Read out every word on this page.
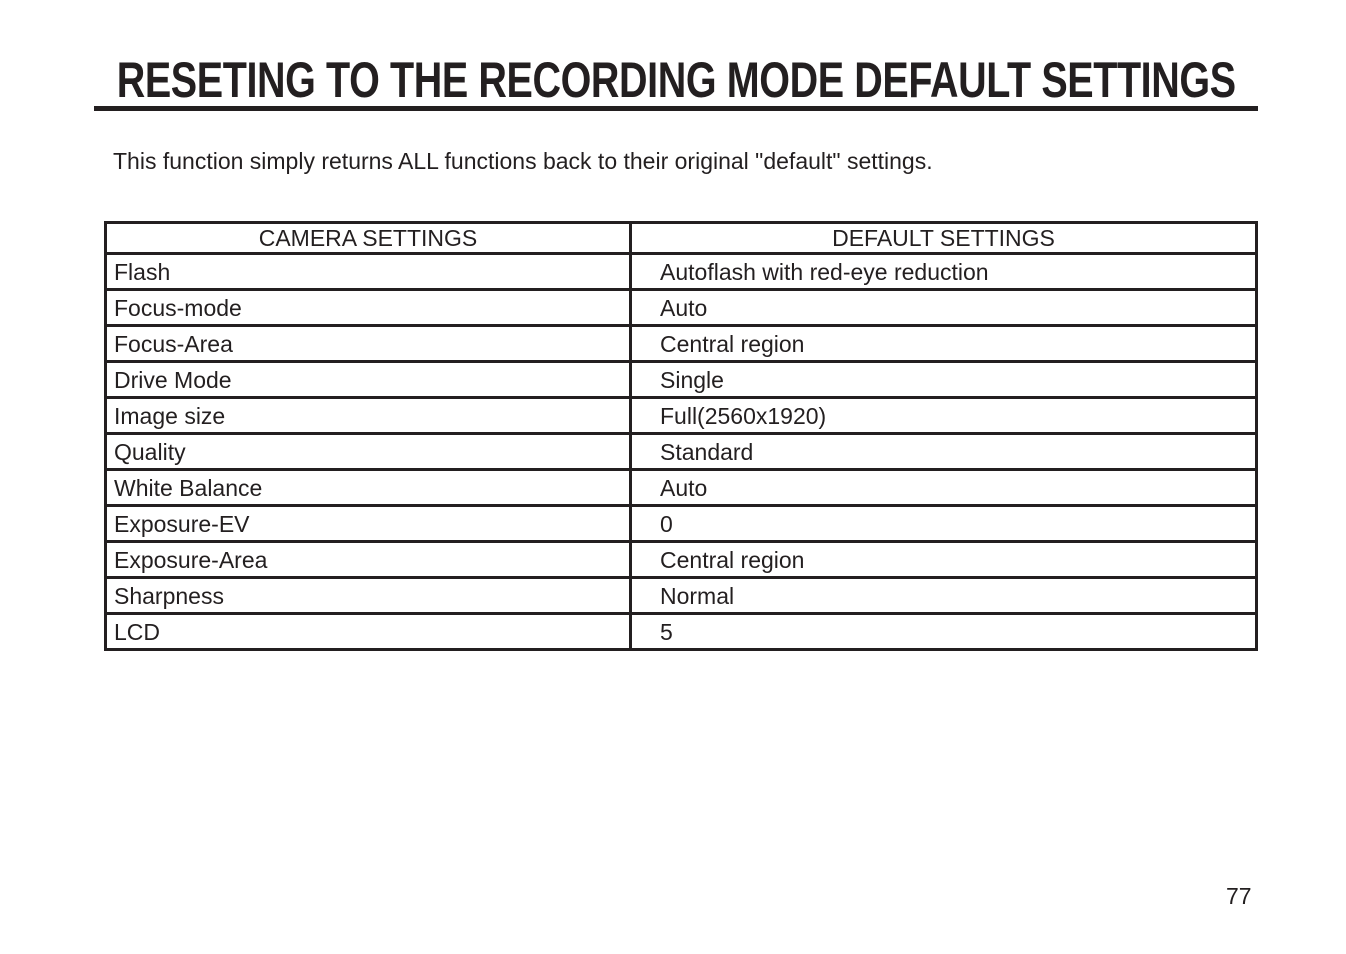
RESETING TO THE RECORDING MODE DEFAULT SETTINGS
This function simply returns ALL functions back to their original "default" settings.
CAMERA SETTINGS	DEFAULT SETTINGS
Flash	Autoflash with red-eye reduction
Focus-mode	Auto
Focus-Area	Central region
Drive Mode	Single
Image size	Full(2560x1920)
Quality	Standard
White Balance	Auto
Exposure-EV	0
Exposure-Area	Central region
Sharpness	Normal
LCD	5
77
